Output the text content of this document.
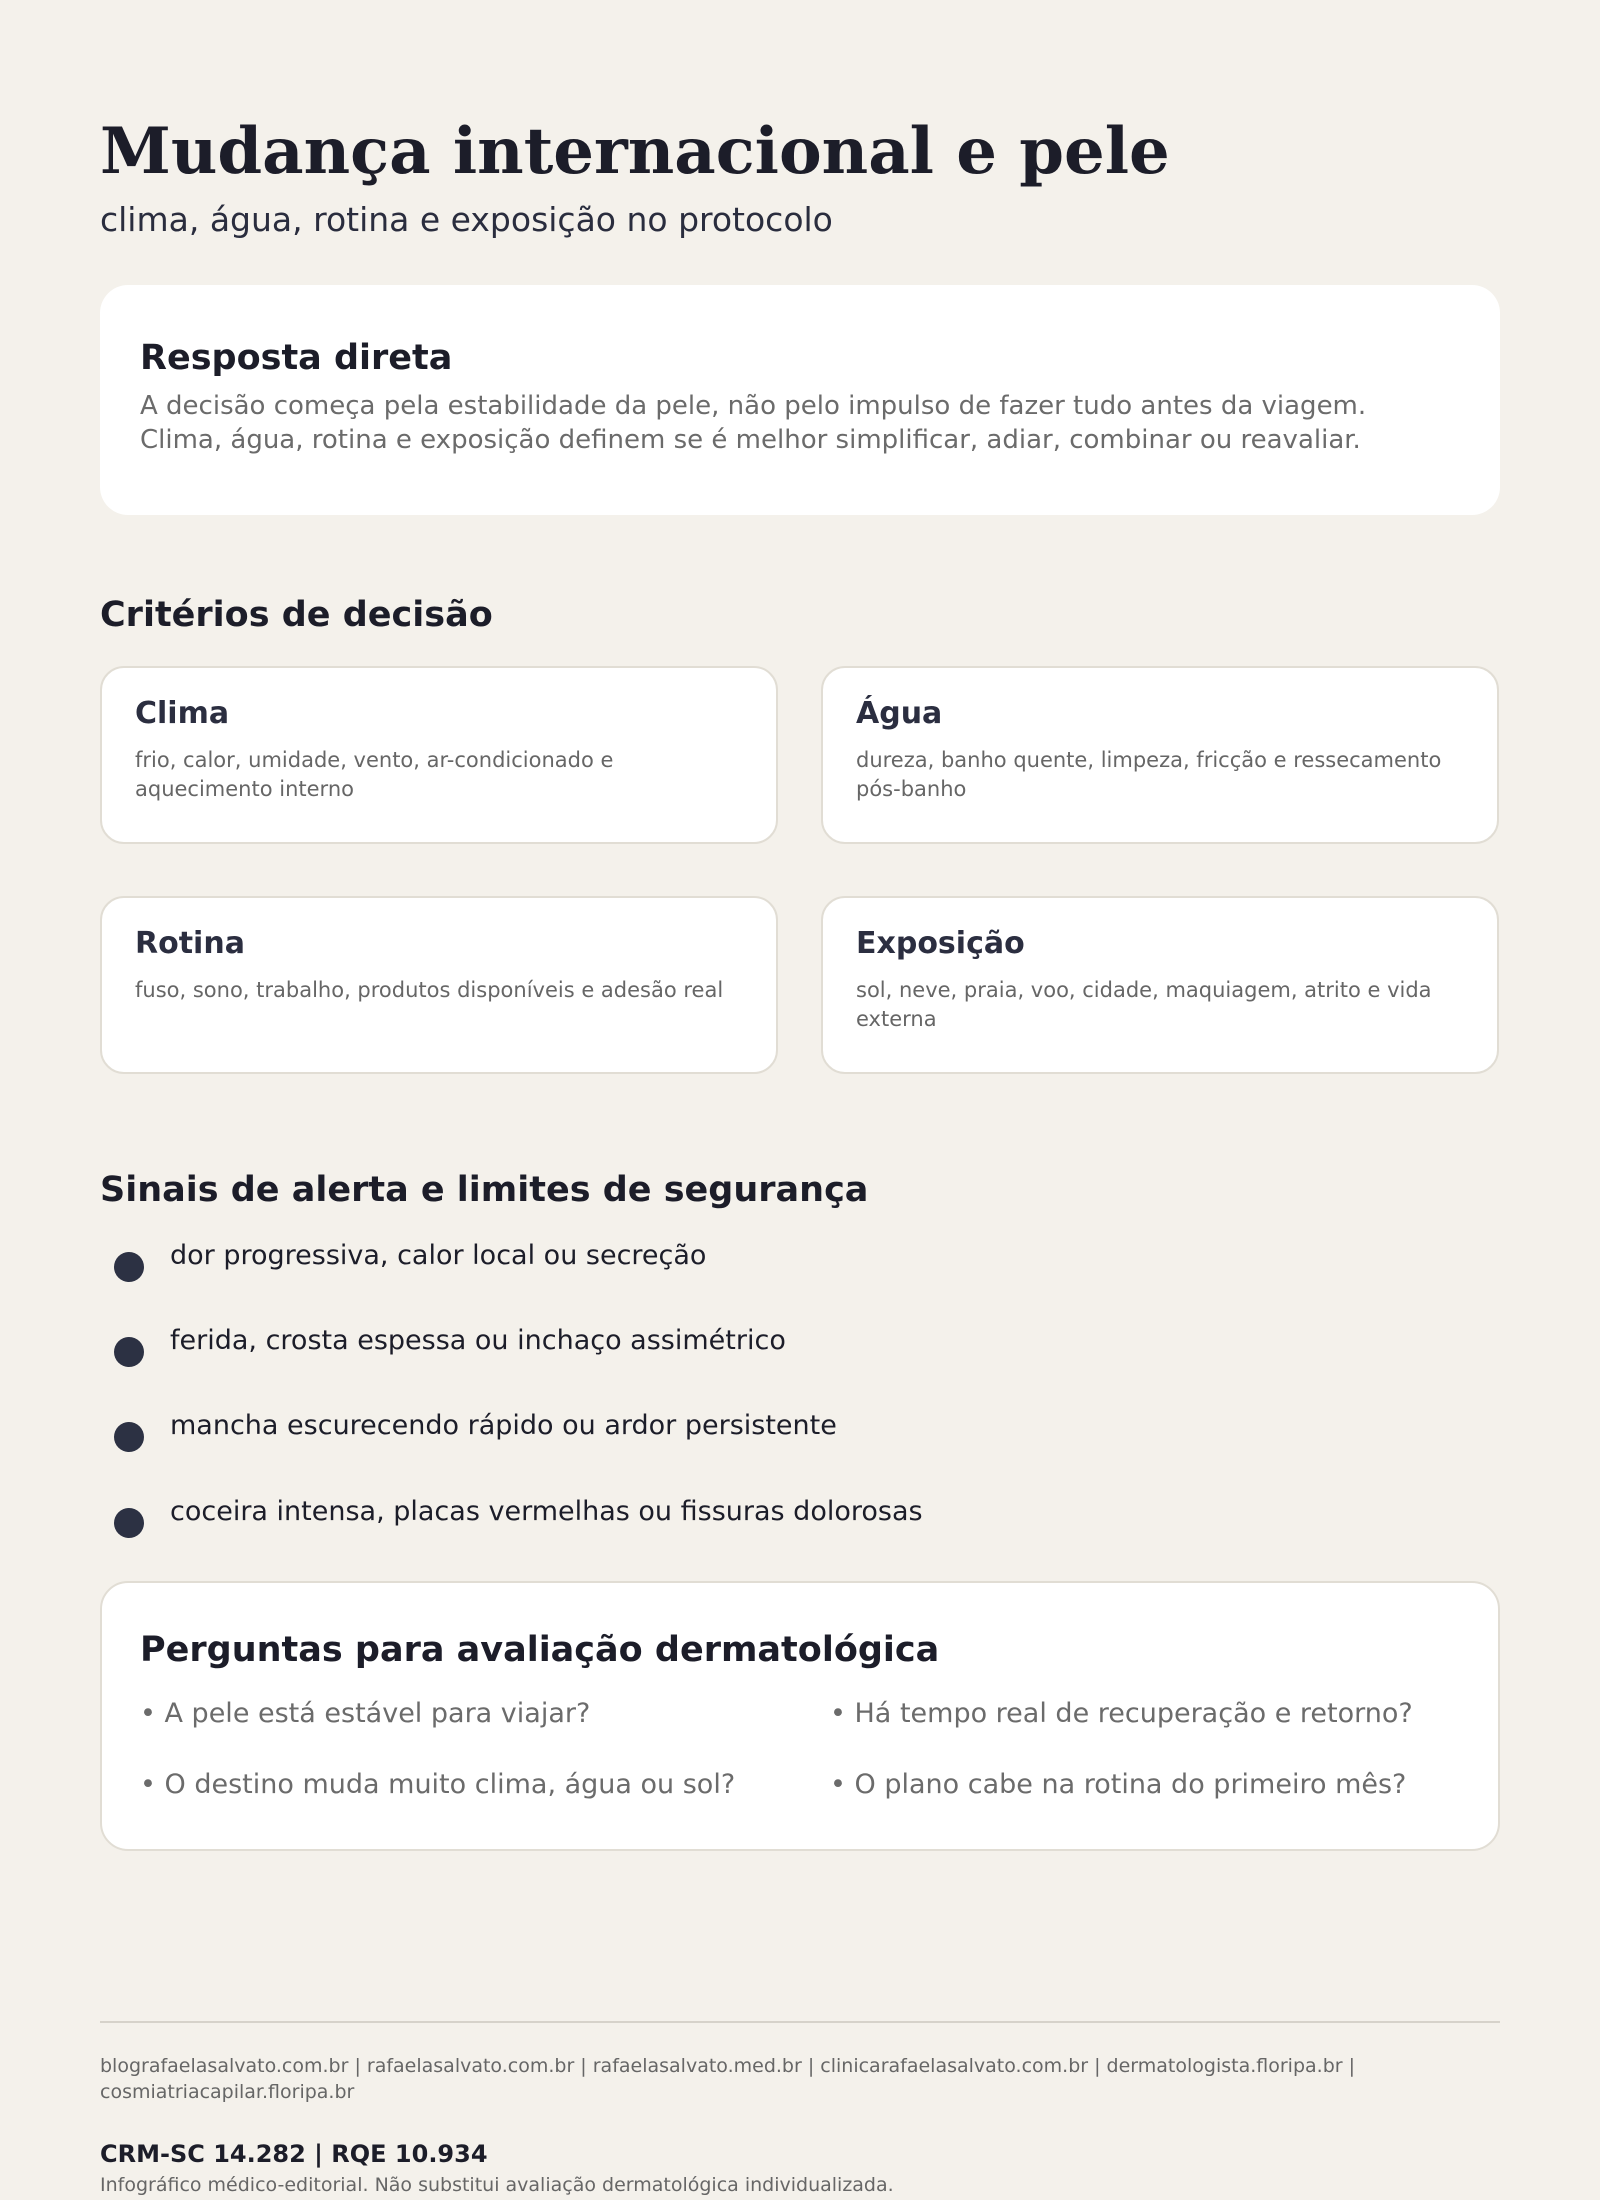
Mudança internacional e pele
clima, água, rotina e exposição no protocolo
Resposta direta

A decisão começa pela estabilidade da pele, não pelo impulso de fazer tudo antes da viagem.

Clima, água, rotina e exposição definem se é melhor simplificar, adiar, combinar ou reavaliar.

Critérios de decisão
Clima

frio, calor, umidade, vento, ar-condicionado e aquecimento interno

Água

dureza, banho quente, limpeza, fricção e ressecamento pós-banho

Rotina

fuso, sono, trabalho, produtos disponíveis e adesão real

Exposição

sol, neve, praia, voo, cidade, maquiagem, atrito e vida externa

Sinais de alerta e limites de segurança
dor progressiva, calor local ou secreção
ferida, crosta espessa ou inchaço assimétrico
mancha escurecendo rápido ou ardor persistente
coceira intensa, placas vermelhas ou fissuras dolorosas
Perguntas para avaliação dermatológica

• A pele está estável para viajar?	• Há tempo real de recuperação e retorno?

• O destino muda muito clima, água ou sol?	• O plano cabe na rotina do primeiro mês?

blografaelasalvato.com.br | rafaelasalvato.com.br | rafaelasalvato.med.br | clinicarafaelasalvato.com.br | dermatologista.floripa.br | cosmiatriacapilar.floripa.br

CRM-SC 14.282 | RQE 10.934

Infográfico médico-editorial. Não substitui avaliação dermatológica individualizada.
